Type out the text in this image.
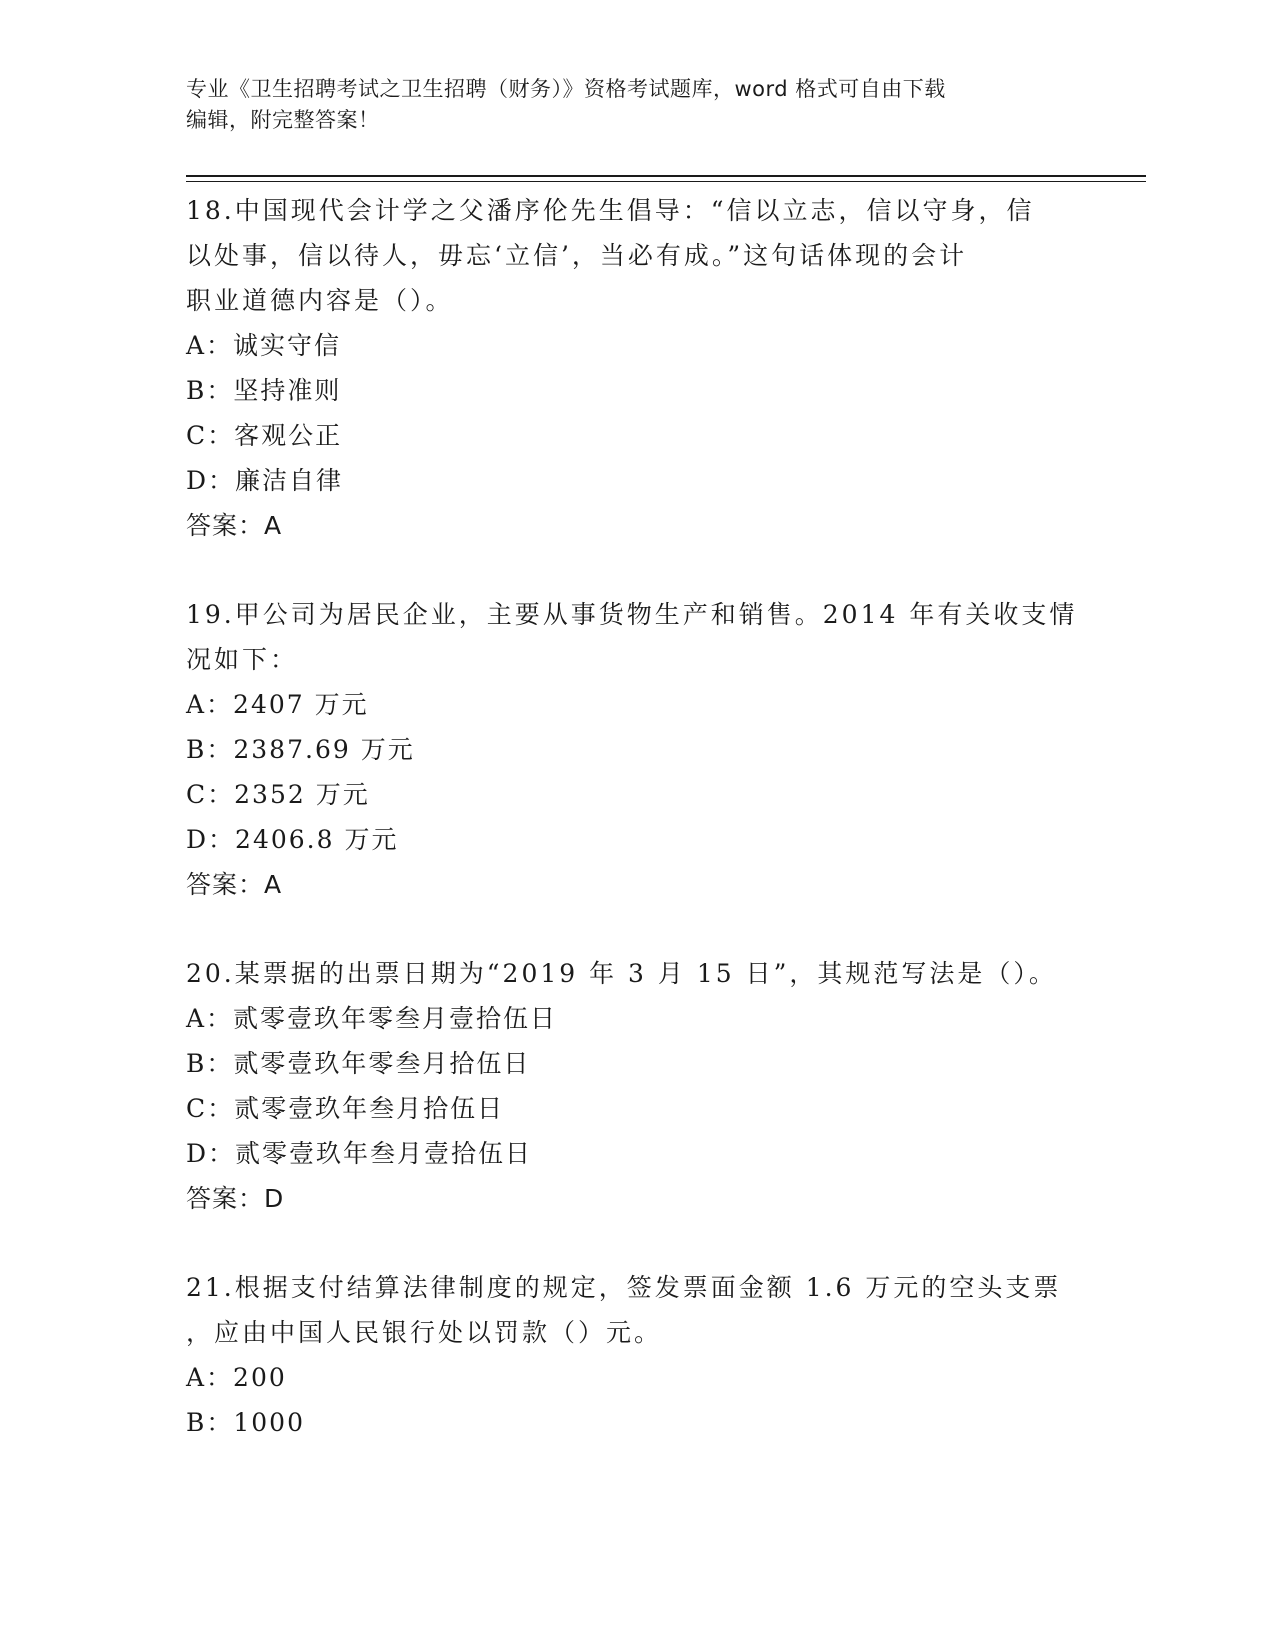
专业《卫生招聘考试之卫生招聘（财务）》资格考试题库，word 格式可自由下载
编辑，附完整答案！
18.中国现代会计学之父潘序伦先生倡导：“信以立志，信以守身，信
以处事，信以待人，毋忘‘立信’，当必有成。”这句话体现的会计
职业道德内容是（）。
A：诚实守信
B：坚持准则
C：客观公正
D：廉洁自律
答案：A
19.甲公司为居民企业，主要从事货物生产和销售。2014 年有关收支情
况如下：
A：2407 万元
B：2387.69 万元
C：2352 万元
D：2406.8 万元
答案：A
20.某票据的出票日期为“2019 年 3 月 15 日”，其规范写法是（）。
A：贰零壹玖年零叁月壹拾伍日
B：贰零壹玖年零叁月拾伍日
C：贰零壹玖年叁月拾伍日
D：贰零壹玖年叁月壹拾伍日
答案：D
21.根据支付结算法律制度的规定，签发票面金额 1.6 万元的空头支票
，应由中国人民银行处以罚款（）元。
A：200
B：1000
